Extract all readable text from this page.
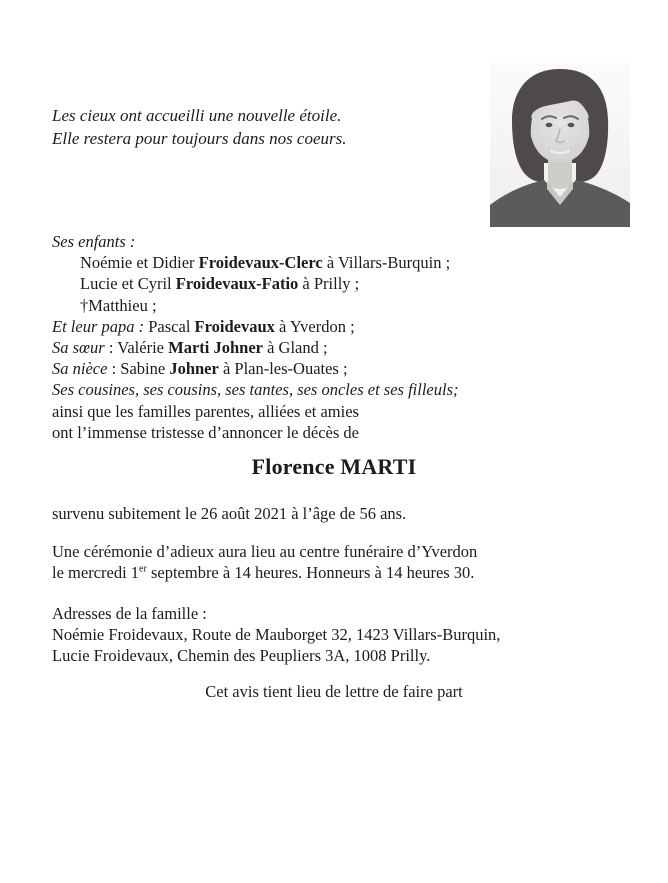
Les cieux ont accueilli une nouvelle étoile.
Elle restera pour toujours dans nos coeurs.
Ses enfants :
Noémie et Didier Froidevaux-Clerc à Villars-Burquin ;
Lucie et Cyril Froidevaux-Fatio à Prilly ;
†Matthieu ;
Et leur papa : Pascal Froidevaux à Yverdon ;
Sa sœur : Valérie Marti Johner à Gland ;
Sa nièce : Sabine Johner à Plan-les-Ouates ;
Ses cousines, ses cousins, ses tantes, ses oncles et ses filleuls;
ainsi que les familles parentes, alliées et amies
ont l’immense tristesse d’annoncer le décès de
Florence MARTI
survenu subitement le 26 août 2021 à l’âge de 56 ans.
Une cérémonie d’adieux aura lieu au centre funéraire d’Yverdon
le mercredi 1er septembre à 14 heures. Honneurs à 14 heures 30.
Adresses de la famille :
Noémie Froidevaux, Route de Mauborget 32, 1423 Villars-Burquin,
Lucie Froidevaux, Chemin des Peupliers 3A, 1008 Prilly.
Cet avis tient lieu de lettre de faire part
